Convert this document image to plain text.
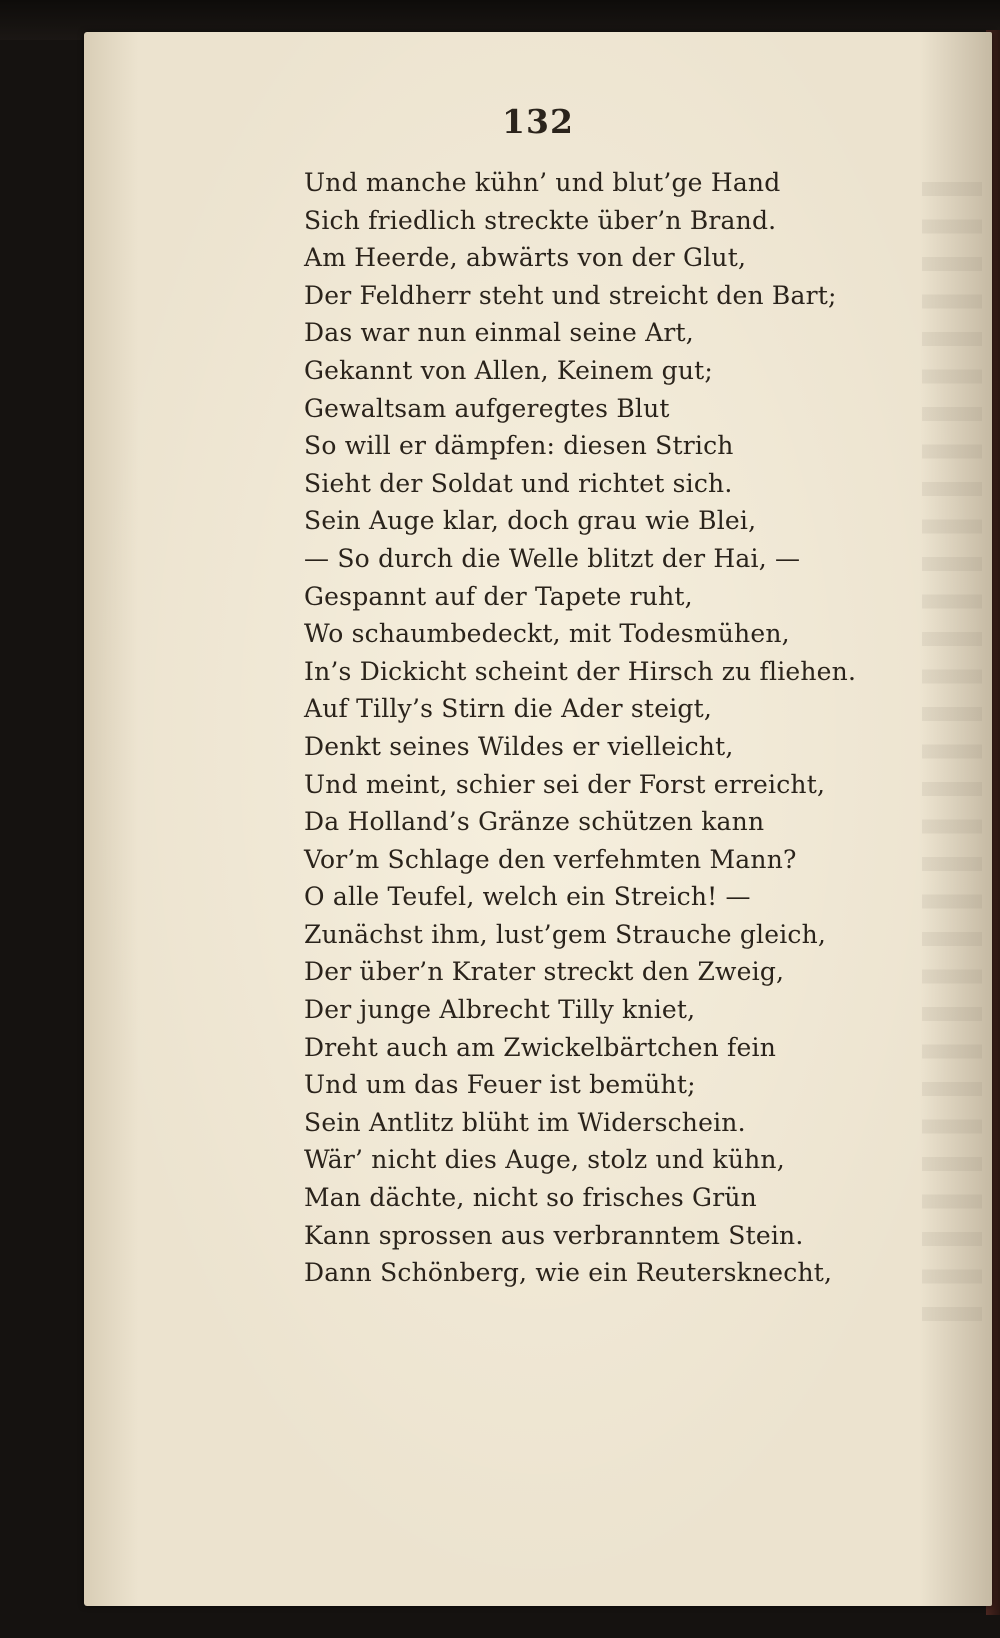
132
Und manche kühn’ und blut’ge Hand
Sich friedlich streckte über’n Brand.
Am Heerde, abwärts von der Glut,
Der Feldherr steht und streicht den Bart;
Das war nun einmal seine Art,
Gekannt von Allen, Keinem gut;
Gewaltsam aufgeregtes Blut
So will er dämpfen: diesen Strich
Sieht der Soldat und richtet sich.
Sein Auge klar, doch grau wie Blei,
— So durch die Welle blitzt der Hai, —
Gespannt auf der Tapete ruht,
Wo schaumbedeckt, mit Todesmühen,
In’s Dickicht scheint der Hirsch zu fliehen.
Auf Tilly’s Stirn die Ader steigt,
Denkt seines Wildes er vielleicht,
Und meint, schier sei der Forst erreicht,
Da Holland’s Gränze schützen kann
Vor’m Schlage den verfehmten Mann?
O alle Teufel, welch ein Streich! —
Zunächst ihm, lust’gem Strauche gleich,
Der über’n Krater streckt den Zweig,
Der junge Albrecht Tilly kniet,
Dreht auch am Zwickelbärtchen fein
Und um das Feuer ist bemüht;
Sein Antlitz blüht im Widerschein.
Wär’ nicht dies Auge, stolz und kühn,
Man dächte, nicht so frisches Grün
Kann sprossen aus verbranntem Stein.
Dann Schönberg, wie ein Reutersknecht,
